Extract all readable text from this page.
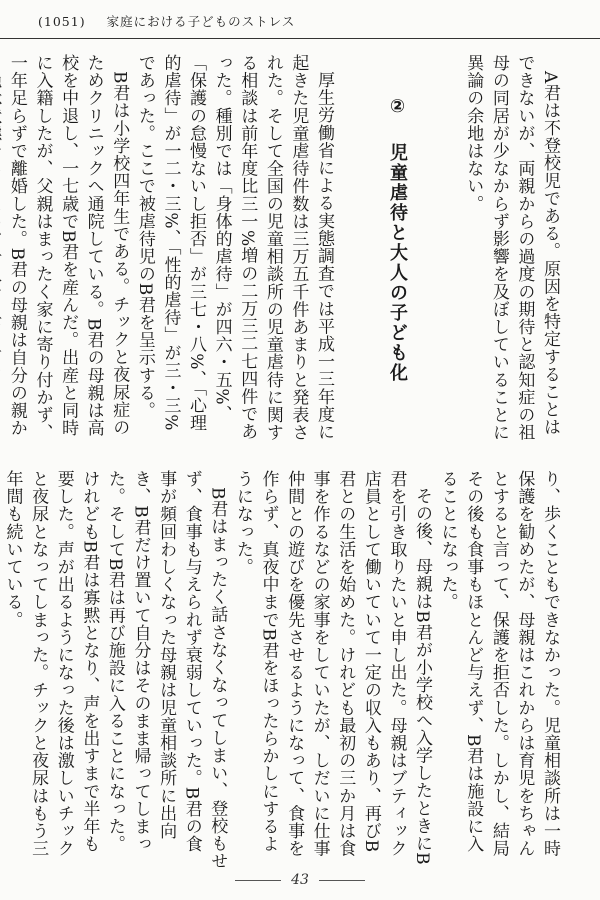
(1051) 家庭における子どものストレス
A君は不登校児である。原因を特定することはできないが、両親からの過度の期待と認知症の祖母の同居が少なからず影響を及ぼしていることに異論の余地はない。
② 児童虐待と大人の子ども化
厚生労働省による実態調査では平成一三年度に起きた児童虐待件数は三万五千件あまりと発表された。そして全国の児童相談所の児童虐待に関する相談は前年度比三一%増の二万三二七四件であった。種別では「身体的虐待」が四六・五%、「保護の怠慢ないし拒否」が三七・八%、「心理的虐待」が一二・三%、「性的虐待」が三・三%であった。ここで被虐待児のB君を呈示する。
B君は小学校四年生である。チックと夜尿症のためクリニックへ通院している。B君の母親は高校を中退し、一七歳でB君を産んだ。出産と同時に入籍したが、父親はまったく家に寄り付かず、一年足らずで離婚した。B君の母親は自分の親か
り、歩くこともできなかった。児童相談所は一時保護を勧めたが、母親はこれからは育児をちゃんとすると言って、保護を拒否した。しかし、結局その後も食事もほとんど与えず、B君は施設に入ることになった。
その後、母親はB君が小学校へ入学したときにB君を引き取りたいと申し出た。母親はブティック店員として働いていて一定の収入もあり、再びB君との生活を始めた。けれども最初の三か月は食事を作るなどの家事をしていたが、しだいに仕事仲間との遊びを優先させるようになって、食事を作らず、真夜中までB君をほったらかしにするようになった。
B君はまったく話さなくなってしまい、登校もせず、食事も与えられず衰弱していった。B君の食事が頻回わしくなった母親は児童相談所に出向き、B君だけ置いて自分はそのまま帰ってしまった。そしてB君は再び施設に入ることになった。けれどもB君は寡黙となり、声を出すまで半年も要した。声が出るようになった後は激しいチックと夜尿となってしまった。チックと夜尿はもう三年間も続いている。
43
